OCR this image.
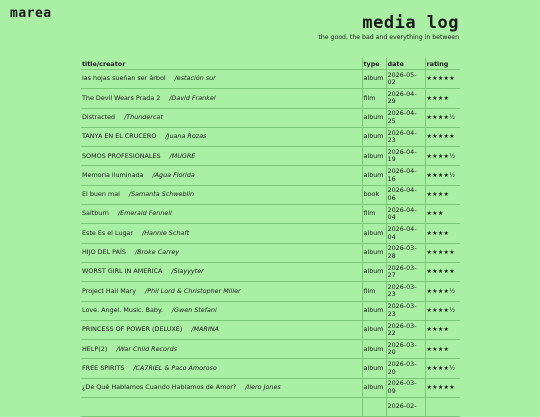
marea	media log
the good, the bad and everything in between
title/creator	type	date	rating
las hojas sueñan ser árbol /estación sur	album	2026-05-02	★★★★★
The Devil Wears Prada 2 /David Frankel	film	2026-04-29	★★★★
Distracted /Thundercat	album	2026-04-25	★★★★½
TANYA EN EL CRUCERO /Juana Rozas	album	2026-04-23	★★★★★
SOMOS PROFESIONALES /MUGRE	album	2026-04-19	★★★★½
Memoria iluminada /Agua Florida	album	2026-04-16	★★★★½
El buen mal /Samanta Schweblin	book	2026-04-06	★★★★
Saltburn /Emerald Fennell	film	2026-04-04	★★★
Este Es el Lugar /Hannie Schaft	album	2026-04-04	★★★★
HIJO DEL PAÍS /Broke Carrey	album	2026-03-28	★★★★★
WORST GIRL IN AMERICA /Slayyyter	album	2026-03-27	★★★★★
Project Hail Mary /Phil Lord & Christopher Miller	film	2026-03-23	★★★★½
Love. Angel. Music. Baby. /Gwen Stefani	album	2026-03-23	★★★★½
PRINCESS OF POWER (DELUXE) /MARINA	album	2026-03-22	★★★★
HELP(2) /War Child Records	album	2026-03-20	★★★★
FREE SPIRITS /CA7RIEL & Paco Amoroso	album	2026-03-20	★★★★½
¿De Qué Hablamos Cuando Hablamos de Amor? /Ilero Jones	album	2026-03-09	★★★★★
		2026-02-	
